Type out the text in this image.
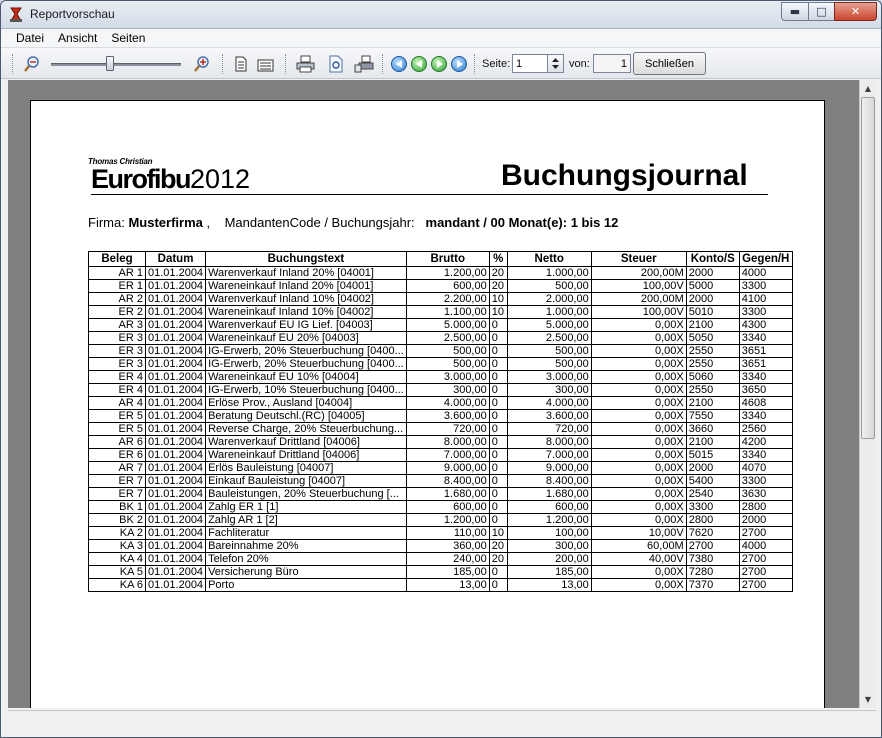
Reportvorschau	▬ □ ✕
Datei	Ansicht	Seiten
Seite:
1	von:
1	Schließen
Thomas Christian
Eurofibu2012	Buchungsjournal
Firma: Musterfirma , MandantenCode / Buchungsjahr: mandant / 00 Monat(e): 1 bis 12
Beleg	Datum	Buchungstext	Brutto	%	Netto	Steuer	Konto/S	Gegen/H
AR 1	01.01.2004	Warenverkauf Inland 20% [04001]	1.200,00	20	1.000,00	200,00M	2000	4000
ER 1	01.01.2004	Wareneinkauf Inland 20% [04001]	600,00	20	500,00	100,00V	5000	3300
AR 2	01.01.2004	Warenverkauf Inland 10% [04002]	2.200,00	10	2.000,00	200,00M	2000	4100
ER 2	01.01.2004	Wareneinkauf Inland 10% [04002]	1.100,00	10	1.000,00	100,00V	5010	3300
AR 3	01.01.2004	Warenverkauf EU IG Lief. [04003]	5.000,00	0	5.000,00	0,00X	2100	4300
ER 3	01.01.2004	Wareneinkauf EU 20% [04003]	2.500,00	0	2.500,00	0,00X	5050	3340
ER 3	01.01.2004	IG-Erwerb, 20% Steuerbuchung [0400...	500,00	0	500,00	0,00X	2550	3651
ER 3	01.01.2004	IG-Erwerb, 20% Steuerbuchung [0400...	500,00	0	500,00	0,00X	2550	3651
ER 4	01.01.2004	Wareneinkauf EU 10% [04004]	3.000,00	0	3.000,00	0,00X	5060	3340
ER 4	01.01.2004	IG-Erwerb, 10% Steuerbuchung [0400...	300,00	0	300,00	0,00X	2550	3650
AR 4	01.01.2004	Erlöse Prov., Ausland [04004]	4.000,00	0	4.000,00	0,00X	2100	4608
ER 5	01.01.2004	Beratung Deutschl.(RC) [04005]	3.600,00	0	3.600,00	0,00X	7550	3340
ER 5	01.01.2004	Reverse Charge, 20% Steuerbuchung...	720,00	0	720,00	0,00X	3660	2560
AR 6	01.01.2004	Warenverkauf Drittland [04006]	8.000,00	0	8.000,00	0,00X	2100	4200
ER 6	01.01.2004	Wareneinkauf Drittland [04006]	7.000,00	0	7.000,00	0,00X	5015	3340
AR 7	01.01.2004	Erlös Bauleistung [04007]	9.000,00	0	9.000,00	0,00X	2000	4070
ER 7	01.01.2004	Einkauf Bauleistung [04007]	8.400,00	0	8.400,00	0,00X	5400	3300
ER 7	01.01.2004	Bauleistungen, 20% Steuerbuchung [...	1.680,00	0	1.680,00	0,00X	2540	3630
BK 1	01.01.2004	Zahlg ER 1 [1]	600,00	0	600,00	0,00X	3300	2800
BK 2	01.01.2004	Zahlg AR 1 [2]	1.200,00	0	1.200,00	0,00X	2800	2000
KA 2	01.01.2004	Fachliteratur	110,00	10	100,00	10,00V	7620	2700
KA 3	01.01.2004	Bareinnahme 20%	360,00	20	300,00	60,00M	2700	4000
KA 4	01.01.2004	Telefon 20%	240,00	20	200,00	40,00V	7380	2700
KA 5	01.01.2004	Versicherung Büro	185,00	0	185,00	0,00X	7280	2700
KA 6	01.01.2004	Porto	13,00	0	13,00	0,00X	7370	2700
▲
▼
